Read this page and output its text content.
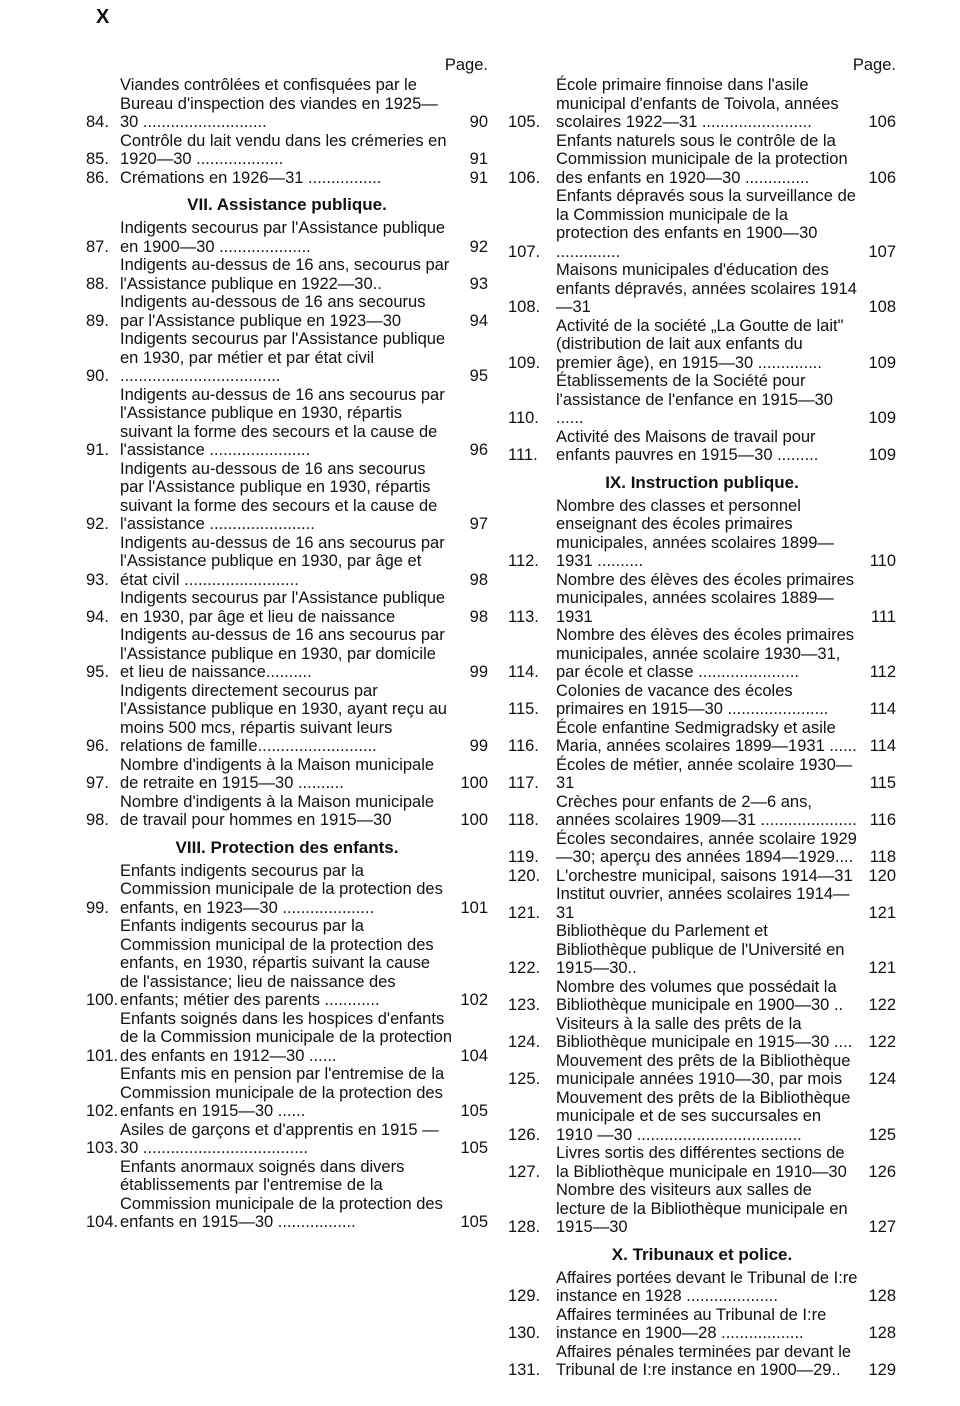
X
Page.
84.
Viandes contrôlées et confisquées par le Bureau d'inspection des viandes en 1925—30 ...........................	90
85.
Contrôle du lait vendu dans les crémeries en 1920—30 ...................	91
86. Crémations en 1926—31 ................	91
VII. Assistance publique.
87.
Indigents secourus par l'Assistance publique en 1900—30 ....................	92
88.
Indigents au-dessus de 16 ans, secourus par l'Assistance publique en 1922—30..	93
89.
Indigents au-dessous de 16 ans secourus par l'Assistance publique en 1923—30	94
90.
Indigents secourus par l'Assistance publique en 1930, par métier et par état civil ...................................	95
91.
Indigents au-dessus de 16 ans secourus par l'Assistance publique en 1930, répartis suivant la forme des secours et la cause de l'assistance ......................	96
92.
Indigents au-dessous de 16 ans secourus par l'Assistance publique en 1930, répartis suivant la forme des secours et la cause de l'assistance .......................	97
93.
Indigents au-dessus de 16 ans secourus par l'Assistance publique en 1930, par âge et état civil .........................	98
94.
Indigents secourus par l'Assistance publique en 1930, par âge et lieu de naissance	98
95.
Indigents au-dessus de 16 ans secourus par l'Assistance publique en 1930, par domicile et lieu de naissance..........	99
96.
Indigents directement secourus par l'Assistance publique en 1930, ayant reçu au moins 500 mcs, répartis suivant leurs relations de famille..........................	99
97.
Nombre d'indigents à la Maison municipale de retraite en 1915—30 ..........	100
98.
Nombre d'indigents à la Maison municipale de travail pour hommes en 1915—30	100
VIII. Protection des enfants.
99.
Enfants indigents secourus par la Commission municipale de la protection des enfants, en 1923—30 ....................	101
100.
Enfants indigents secourus par la Commission municipal de la protection des enfants, en 1930, répartis suivant la cause de l'assistance; lieu de naissance des enfants; métier des parents ............	102
101.
Enfants soignés dans les hospices d'enfants de la Commission municipale de la protection des enfants en 1912—30 ......	104
102.
Enfants mis en pension par l'entremise de la Commission municipale de la protection des enfants en 1915—30 ......	105
103.
Asiles de garçons et d'apprentis en 1915 —30 ....................................	105
104.
Enfants anormaux soignés dans divers établissements par l'entremise de la Commission municipale de la protection des enfants en 1915—30 .................	105
Page.
105.
École primaire finnoise dans l'asile municipal d'enfants de Toivola, années scolaires 1922—31 ........................	106
106.
Enfants naturels sous le contrôle de la Commission municipale de la protection des enfants en 1920—30 ..............	106
107.
Enfants dépravés sous la surveillance de la Commission municipale de la protection des enfants en 1900—30 ..............	107
108.
Maisons municipales d'éducation des enfants dépravés, années scolaires 1914—31	108
109.
Activité de la société „La Goutte de lait" (distribution de lait aux enfants du premier âge), en 1915—30 ..............	109
110.
Établissements de la Société pour l'assistance de l'enfance en 1915—30 ......	109
111.
Activité des Maisons de travail pour enfants pauvres en 1915—30 .........	109
IX. Instruction publique.
112.
Nombre des classes et personnel enseignant des écoles primaires municipales, années scolaires 1899—1931 ..........	110
113.
Nombre des élèves des écoles primaires municipales, années scolaires 1889—1931	111
114.
Nombre des élèves des écoles primaires municipales, année scolaire 1930—31, par école et classe ......................	112
115.
Colonies de vacance des écoles primaires en 1915—30 ......................	114
116.
École enfantine Sedmigradsky et asile Maria, années scolaires 1899—1931 ...... 114
117.
Écoles de métier, année scolaire 1930—31	115
118.
Crèches pour enfants de 2—6 ans, années scolaires 1909—31 ..................... 116
119.
Écoles secondaires, année scolaire 1929 —30; aperçu des années 1894—1929.... 118
120. L'orchestre municipal, saisons 1914—31 120
121.
Institut ouvrier, années scolaires 1914—31	121
122.
Bibliothèque du Parlement et Bibliothèque publique de l'Université en 1915—30..	121
123.
Nombre des volumes que possédait la Bibliothèque municipale en 1900—30 ..	122
124.
Visiteurs à la salle des prêts de la Bibliothèque municipale en 1915—30 .... 122
125.
Mouvement des prêts de la Bibliothèque municipale années 1910—30, par mois	124
126.
Mouvement des prêts de la Bibliothèque municipale et de ses succursales en 1910 —30 ....................................	125
127.
Livres sortis des différentes sections de la Bibliothèque municipale en 1910—30	126
128.
Nombre des visiteurs aux salles de lecture de la Bibliothèque municipale en 1915—30	127
X. Tribunaux et police.
129.
Affaires portées devant le Tribunal de I:re instance en 1928 ....................	128
130.
Affaires terminées au Tribunal de I:re instance en 1900—28 ..................	128
131.
Affaires pénales terminées par devant le Tribunal de I:re instance en 1900—29..	129
